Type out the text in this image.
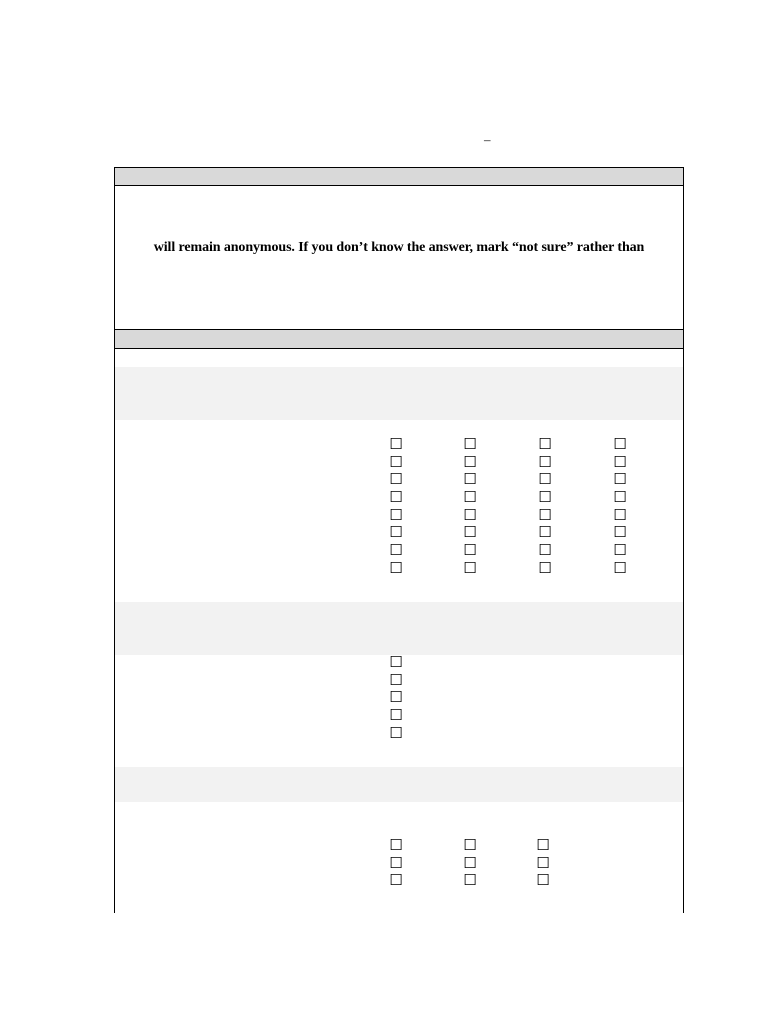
–
will remain anonymous. If you don’t know the answer, mark “not sure” rather than
☐
☐
☐
☐
☐
☐
☐
☐
☐
☐
☐
☐
☐
☐
☐
☐
☐
☐
☐
☐
☐
☐
☐
☐
☐
☐
☐
☐
☐
☐
☐
☐
☐
☐
☐
☐
☐
☐
☐
☐
☐
☐
☐
☐
☐
☐
